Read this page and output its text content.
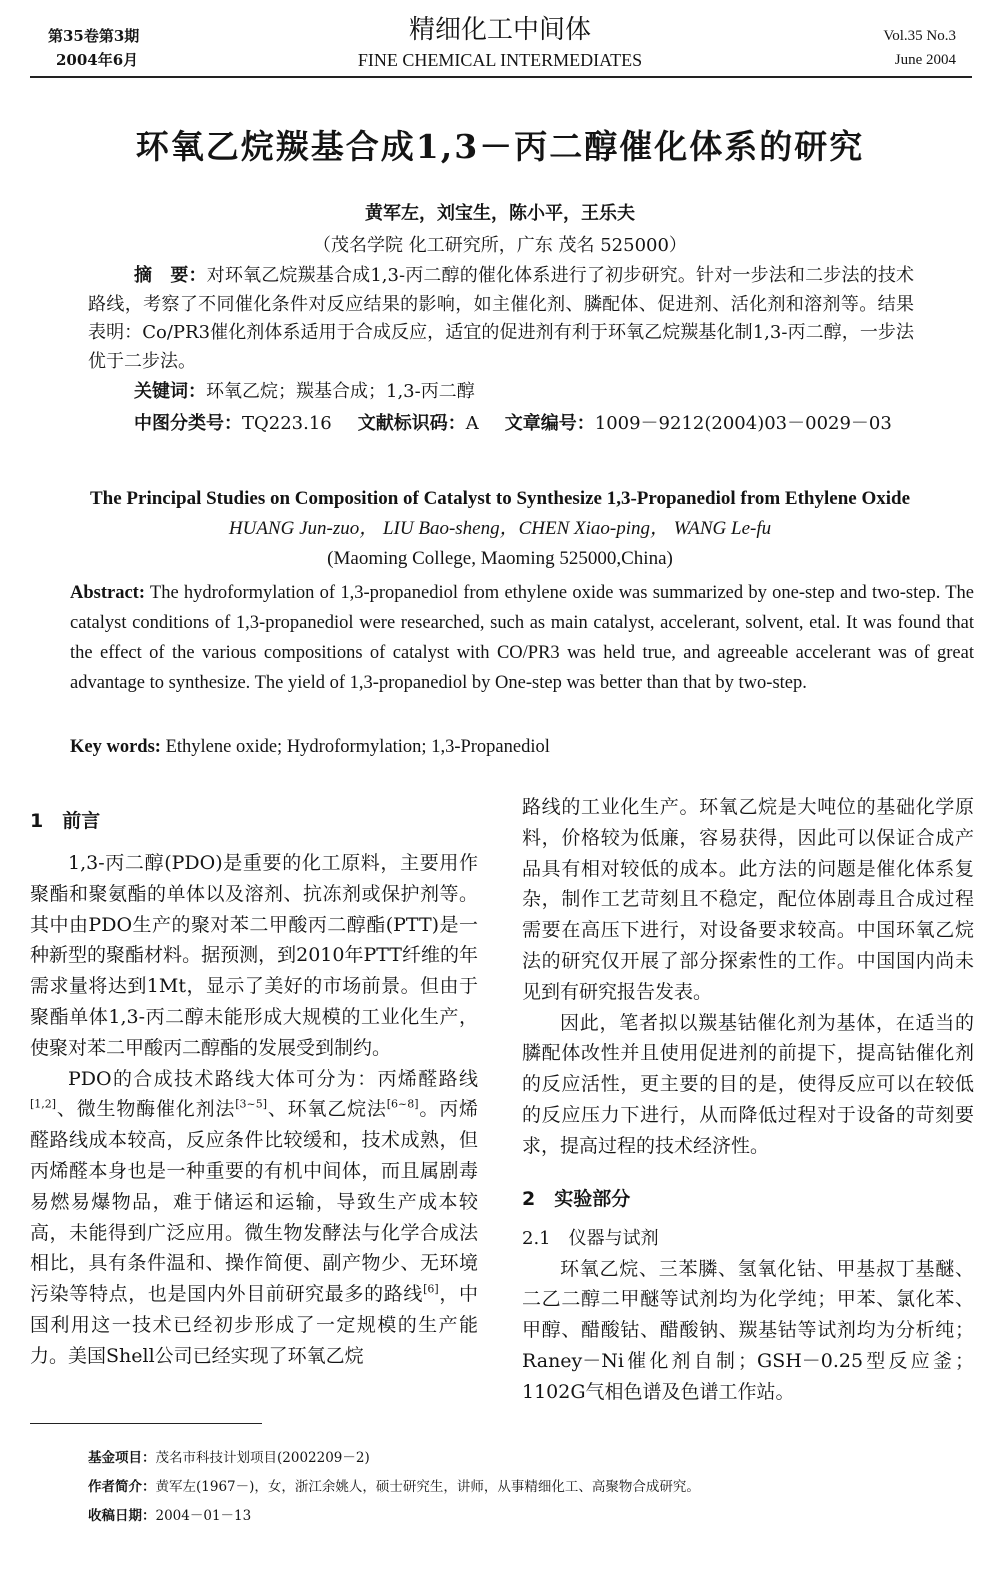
第35卷第3期
2004年6月
精细化工中间体
FINE CHEMICAL INTERMEDIATES
Vol.35 No.3
June 2004
环氧乙烷羰基合成1,3－丙二醇催化体系的研究
黄军左，刘宝生，陈小平，王乐夫
（茂名学院 化工研究所，广东 茂名 525000）
摘　要：对环氧乙烷羰基合成1,3-丙二醇的催化体系进行了初步研究。针对一步法和二步法的技术路线，考察了不同催化条件对反应结果的影响，如主催化剂、膦配体、促进剂、活化剂和溶剂等。结果表明：Co/PR3催化剂体系适用于合成反应，适宜的促进剂有利于环氧乙烷羰基化制1,3-丙二醇，一步法优于二步法。
关键词：环氧乙烷；羰基合成；1,3-丙二醇
中图分类号：TQ223.16 文献标识码：A 文章编号：1009－9212(2004)03－0029－03
The Principal Studies on Composition of Catalyst to Synthesize 1,3-Propanediol from Ethylene Oxide
HUANG Jun-zuo， LIU Bao-sheng，CHEN Xiao-ping， WANG Le-fu
(Maoming College, Maoming 525000,China)
Abstract: The hydroformylation of 1,3-propanediol from ethylene oxide was summarized by one-step and two-step. The catalyst conditions of 1,3-propanediol were researched, such as main catalyst, accelerant, solvent, etal. It was found that the effect of the various compositions of catalyst with CO/PR3 was held true, and agreeable accelerant was of great advantage to synthesize. The yield of 1,3-propanediol by One-step was better than that by two-step.
Key words: Ethylene oxide; Hydroformylation; 1,3-Propanediol

1　前言

1,3-丙二醇(PDO)是重要的化工原料，主要用作聚酯和聚氨酯的单体以及溶剂、抗冻剂或保护剂等。其中由PDO生产的聚对苯二甲酸丙二醇酯(PTT)是一种新型的聚酯材料。据预测，到2010年PTT纤维的年需求量将达到1Mt，显示了美好的市场前景。但由于聚酯单体1,3-丙二醇未能形成大规模的工业化生产，使聚对苯二甲酸丙二醇酯的发展受到制约。

PDO的合成技术路线大体可分为：丙烯醛路线[1,2]、微生物酶催化剂法[3~5]、环氧乙烷法[6~8]。丙烯醛路线成本较高，反应条件比较缓和，技术成熟，但丙烯醛本身也是一种重要的有机中间体，而且属剧毒易燃易爆物品，难于储运和运输，导致生产成本较高，未能得到广泛应用。微生物发酵法与化学合成法相比，具有条件温和、操作简便、副产物少、无环境污染等特点，也是国内外目前研究最多的路线[6]，中国利用这一技术已经初步形成了一定规模的生产能力。美国Shell公司已经实现了环氧乙烷

路线的工业化生产。环氧乙烷是大吨位的基础化学原料，价格较为低廉，容易获得，因此可以保证合成产品具有相对较低的成本。此方法的问题是催化体系复杂，制作工艺苛刻且不稳定，配位体剧毒且合成过程需要在高压下进行，对设备要求较高。中国环氧乙烷法的研究仅开展了部分探索性的工作。中国国内尚未见到有研究报告发表。

因此，笔者拟以羰基钴催化剂为基体，在适当的膦配体改性并且使用促进剂的前提下，提高钴催化剂的反应活性，更主要的目的是，使得反应可以在较低的反应压力下进行，从而降低过程对于设备的苛刻要求，提高过程的技术经济性。

2　实验部分

2.1　仪器与试剂

环氧乙烷、三苯膦、氢氧化钴、甲基叔丁基醚、二乙二醇二甲醚等试剂均为化学纯；甲苯、氯化苯、甲醇、醋酸钴、醋酸钠、羰基钴等试剂均为分析纯；Raney－Ni催化剂自制；GSH－0.25型反应釜；1102G气相色谱及色谱工作站。

基金项目：茂名市科技计划项目(2002209－2)
作者简介：黄军左(1967－)，女，浙江余姚人，硕士研究生，讲师，从事精细化工、高聚物合成研究。
收稿日期：2004－01－13
